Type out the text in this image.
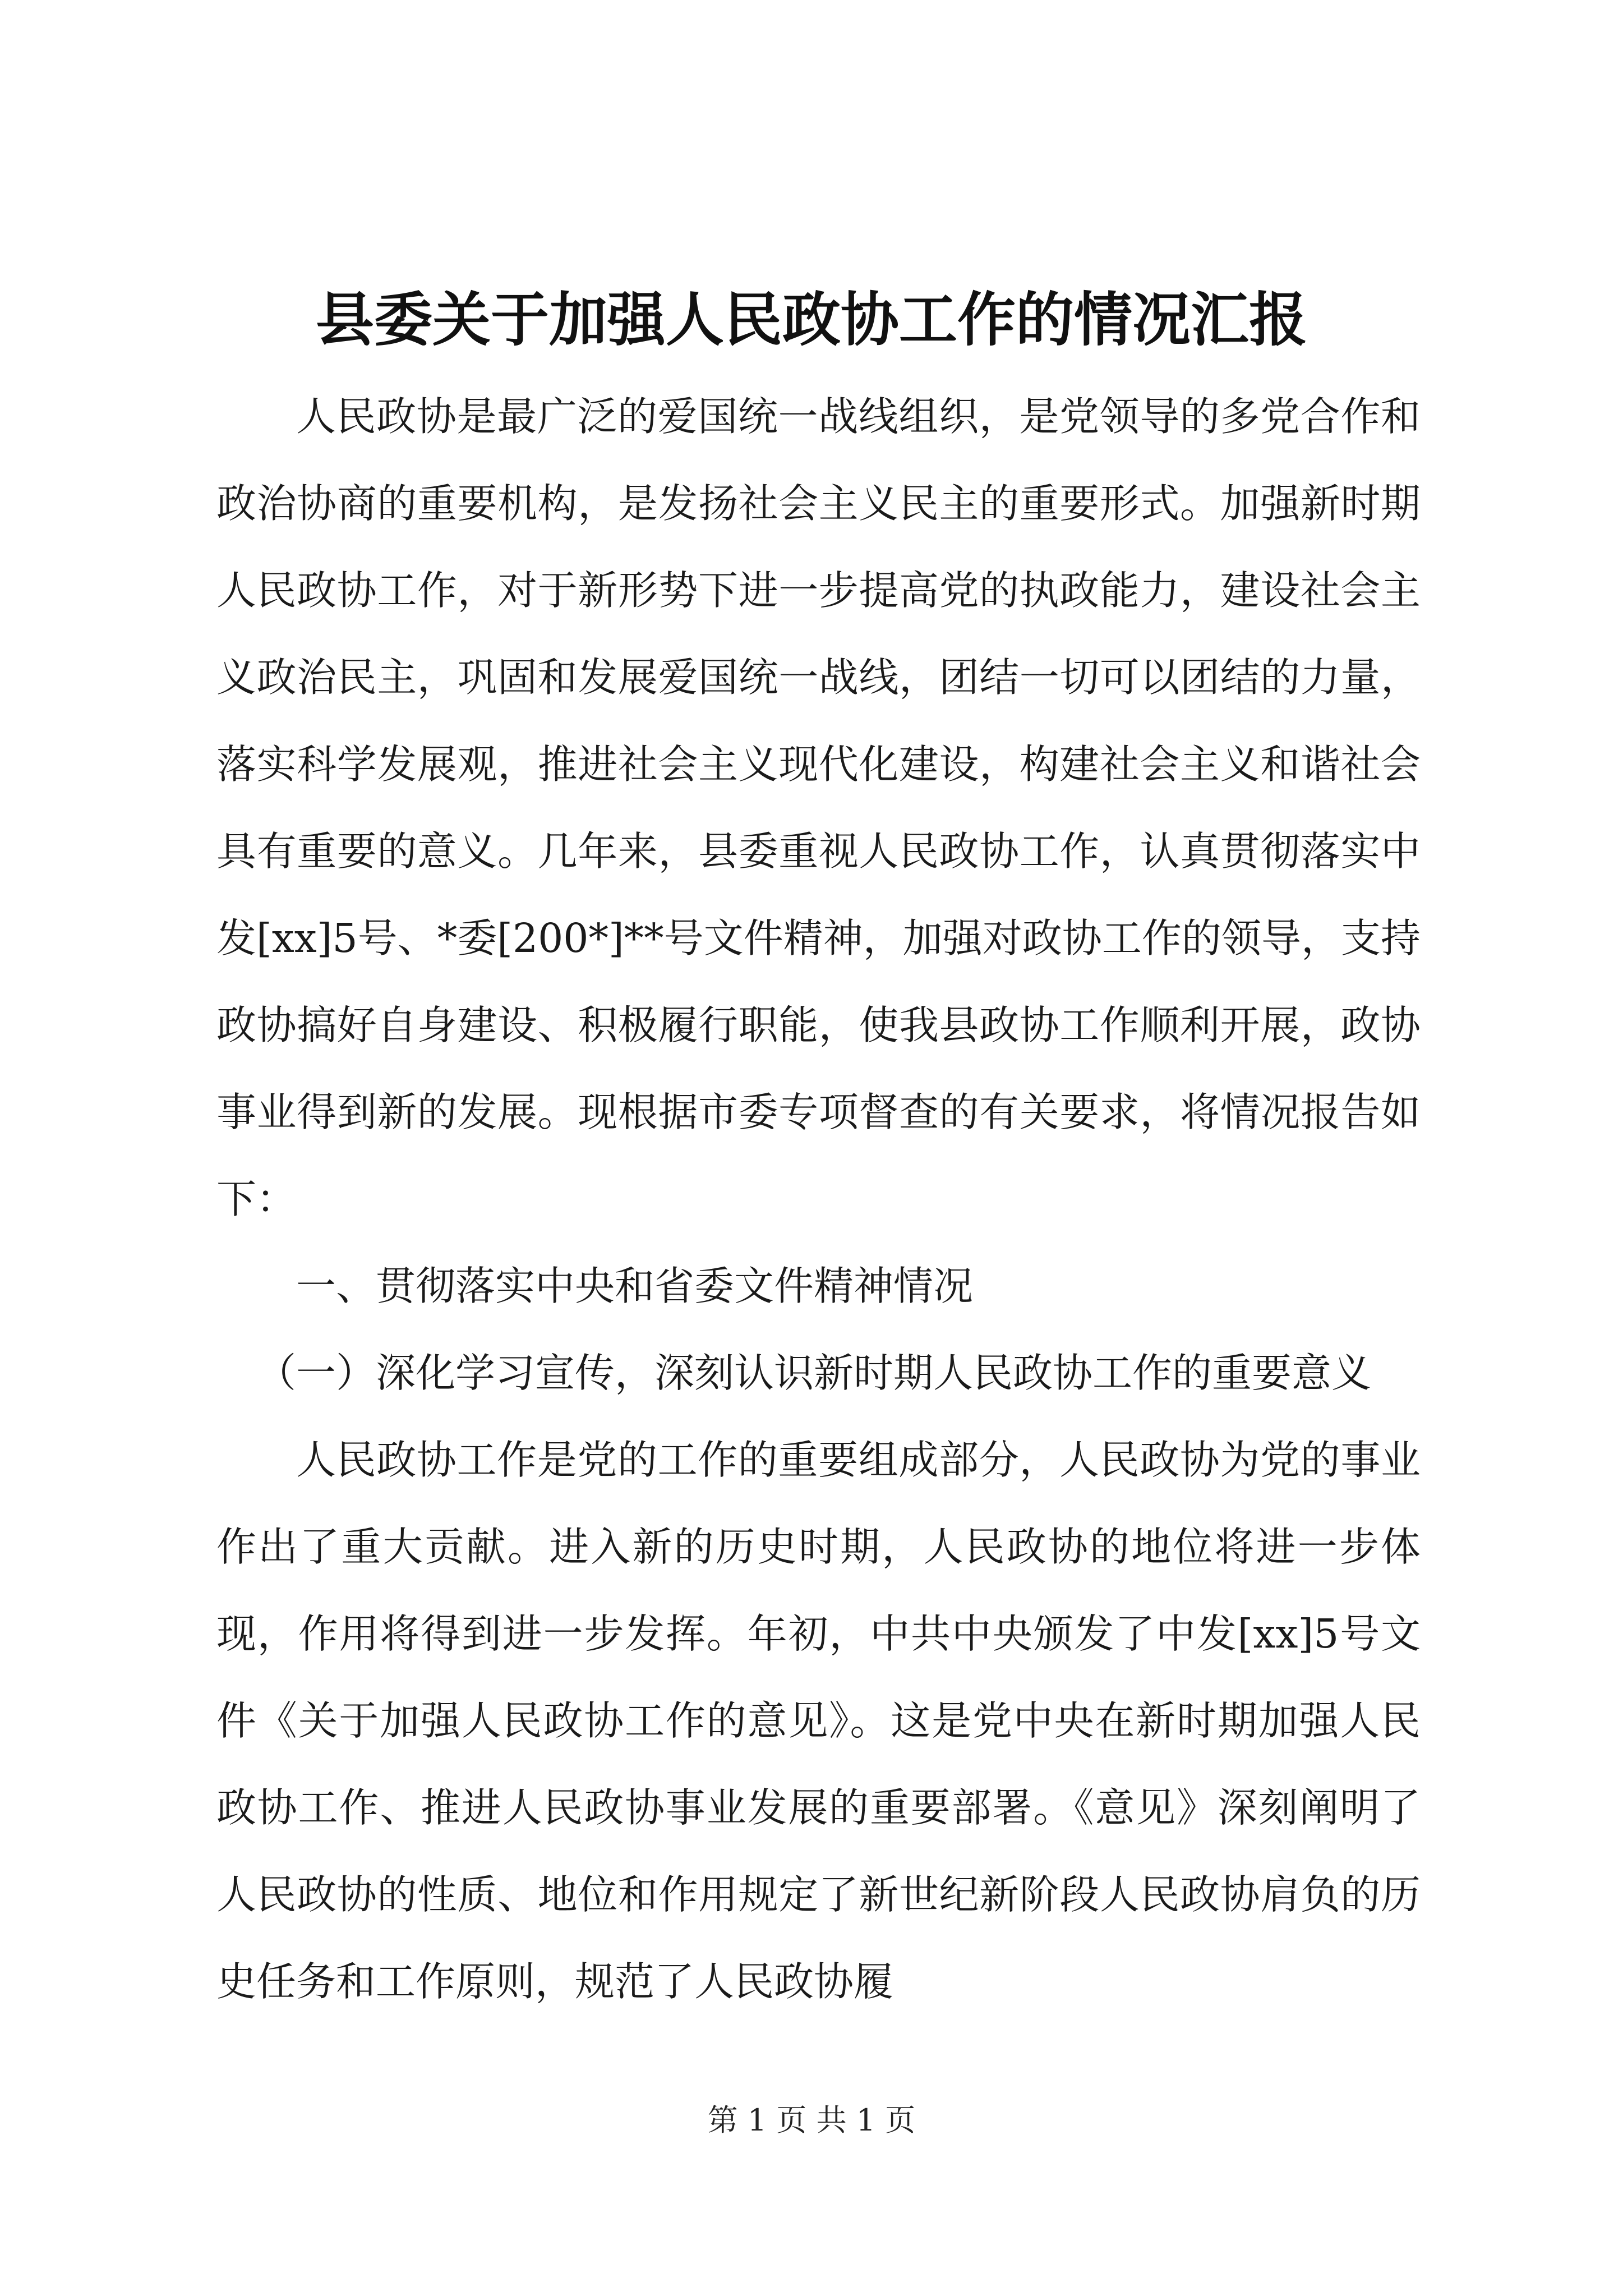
县委关于加强人民政协工作的情况汇报

人民政协是最广泛的爱国统一战线组织，是党领导的多党合作和政治协商的重要机构，是发扬社会主义民主的重要形式。加强新时期人民政协工作，对于新形势下进一步提高党的执政能力，建设社会主义政治民主，巩固和发展爱国统一战线，团结一切可以团结的力量，落实科学发展观，推进社会主义现代化建设，构建社会主义和谐社会具有重要的意义。几年来，县委重视人民政协工作，认真贯彻落实中发[xx]5号、*委[200*]**号文件精神，加强对政协工作的领导，支持政协搞好自身建设、积极履行职能，使我县政协工作顺利开展，政协事业得到新的发展。现根据市委专项督查的有关要求，将情况报告如下：

一、贯彻落实中央和省委文件精神情况

（一）深化学习宣传，深刻认识新时期人民政协工作的重要意义

人民政协工作是党的工作的重要组成部分，人民政协为党的事业作出了重大贡献。进入新的历史时期，人民政协的地位将进一步体现，作用将得到进一步发挥。年初，中共中央颁发了中发[xx]5号文件《关于加强人民政协工作的意见》。这是党中央在新时期加强人民政协工作、推进人民政协事业发展的重要部署。《意见》深刻阐明了人民政协的性质、地位和作用规定了新世纪新阶段人民政协肩负的历史任务和工作原则，规范了人民政协履

第 1 页 共 1 页
